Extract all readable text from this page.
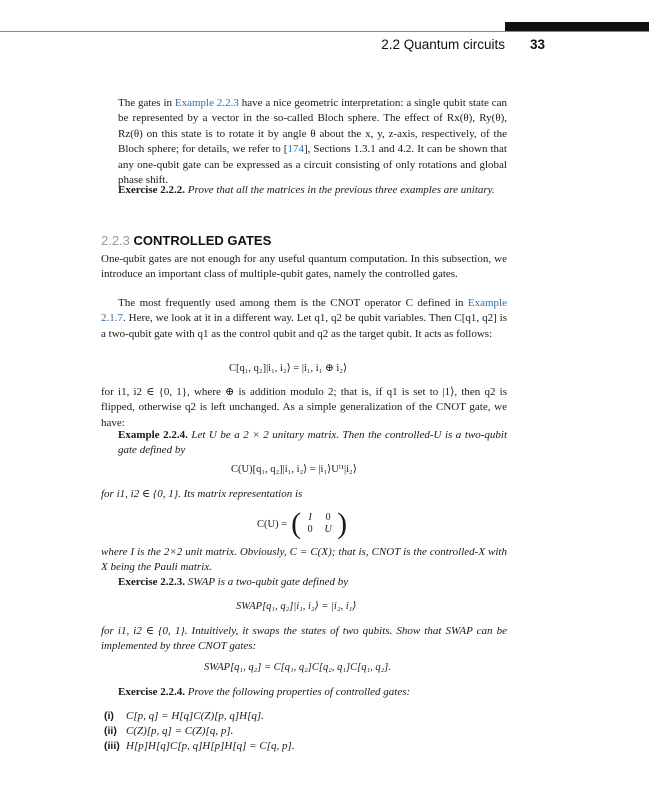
2.2 Quantum circuits 33

The gates in Example 2.2.3 have a nice geometric interpretation: a single qubit state can be represented by a vector in the so-called Bloch sphere. The effect of Rx(θ), Ry(θ), Rz(θ) on this state is to rotate it by angle θ about the x, y, z-axis, respectively, of the Bloch sphere; for details, we refer to [174], Sections 1.3.1 and 4.2. It can be shown that any one-qubit gate can be expressed as a circuit consisting of only rotations and global phase shift.

Exercise 2.2.2. Prove that all the matrices in the previous three examples are unitary.

2.2.3 CONTROLLED GATES

One-qubit gates are not enough for any useful quantum computation. In this subsection, we introduce an important class of multiple-qubit gates, namely the controlled gates.

The most frequently used among them is the CNOT operator C defined in Example 2.1.7. Here, we look at it in a different way. Let q1, q2 be qubit variables. Then C[q1, q2] is a two-qubit gate with q1 as the control qubit and q2 as the target qubit. It acts as follows:

C[q₁, q₂]|i₁, i₂⟩ = |i₁, i₁ ⊕ i₂⟩

for i1, i2 ∈ {0, 1}, where ⊕ is addition modulo 2; that is, if q1 is set to |1⟩, then q2 is flipped, otherwise q2 is left unchanged. As a simple generalization of the CNOT gate, we have:

Example 2.2.4. Let U be a 2 × 2 unitary matrix. Then the controlled-U is a two-qubit gate defined by

C(U)[q₁, q₂]|i₁, i₂⟩ = |i₁⟩Uⁱ¹|i₂⟩

for i1, i2 ∈ {0, 1}. Its matrix representation is

C(U) = ( I	0
0	U )

where I is the 2×2 unit matrix. Obviously, C = C(X); that is, CNOT is the controlled-X with X being the Pauli matrix.

Exercise 2.2.3. SWAP is a two-qubit gate defined by

SWAP[q₁, q₂]|i₁, i₂⟩ = |i₂, i₁⟩

for i1, i2 ∈ {0, 1}. Intuitively, it swaps the states of two qubits. Show that SWAP can be implemented by three CNOT gates:

SWAP[q₁, q₂] = C[q₁, q₂]C[q₂, q₁]C[q₁, q₂].

Exercise 2.2.4. Prove the following properties of controlled gates:

(i) C[p, q] = H[q]C(Z)[p, q]H[q].
(ii) C(Z)[p, q] = C(Z)[q, p].
(iii) H[p]H[q]C[p, q]H[p]H[q] = C[q, p].
